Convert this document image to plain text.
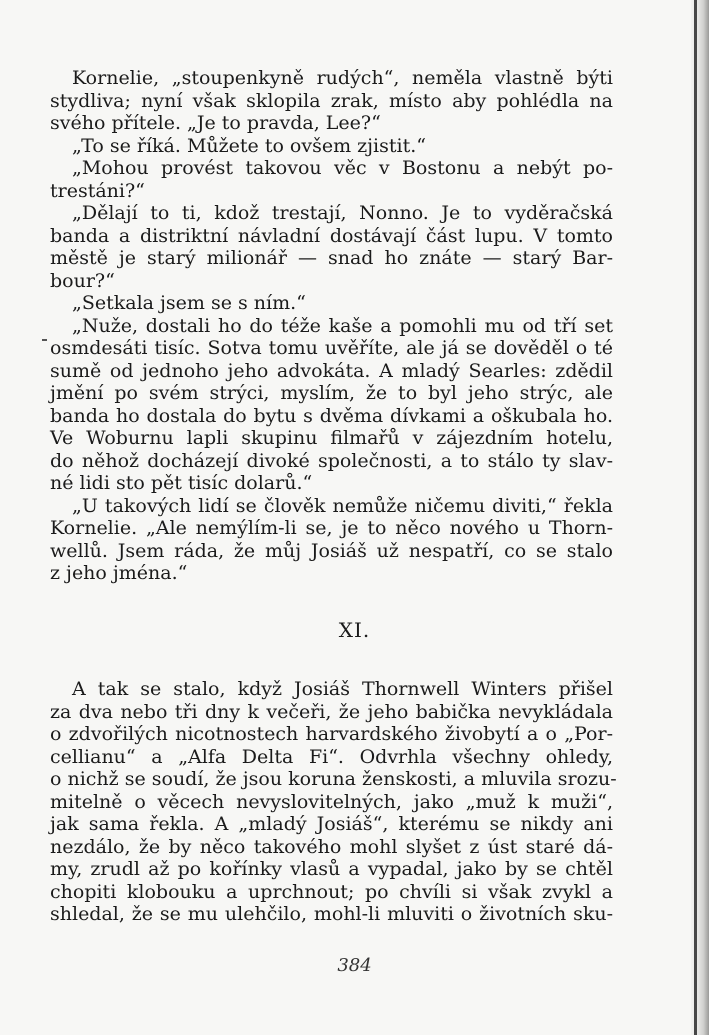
Kornelie, „stoupenkyně rudých“, neměla vlastně býti
stydliva; nyní však sklopila zrak, místo aby pohlédla na
svého přítele. „Je to pravda, Lee?“
„To se říká. Můžete to ovšem zjistit.“
„Mohou provést takovou věc v Bostonu a nebýt po-
trestáni?“
„Dělají to ti, kdož trestají, Nonno. Je to vyděračská
banda a distriktní návladní dostávají část lupu. V tomto
městě je starý milionář — snad ho znáte — starý Bar-
bour?“
„Setkala jsem se s ním.“
„Nuže, dostali ho do téže kaše a pomohli mu od tří set
osmdesáti tisíc. Sotva tomu uvěříte, ale já se dověděl o té
sumě od jednoho jeho advokáta. A mladý Searles: zdědil
jmění po svém strýci, myslím, že to byl jeho strýc, ale
banda ho dostala do bytu s dvěma dívkami a oškubala ho.
Ve Woburnu lapli skupinu filmařů v zájezdním hotelu,
do něhož docházejí divoké společnosti, a to stálo ty slav-
né lidi sto pět tisíc dolarů.“
„U takových lidí se člověk nemůže ničemu diviti,“ řekla
Kornelie. „Ale nemýlím-li se, je to něco nového u Thorn-
wellů. Jsem ráda, že můj Josiáš už nespatří, co se stalo
z jeho jména.“
XI.
A tak se stalo, když Josiáš Thornwell Winters přišel
za dva nebo tři dny k večeři, že jeho babička nevykládala
o zdvořilých nicotnostech harvardského živobytí a o „Por-
cellianu“ a „Alfa Delta Fi“. Odvrhla všechny ohledy,
o nichž se soudí, že jsou koruna ženskosti, a mluvila srozu-
mitelně o věcech nevyslovitelných, jako „muž k muži“,
jak sama řekla. A „mladý Josiáš“, kterému se nikdy ani
nezdálo, že by něco takového mohl slyšet z úst staré dá-
my, zrudl až po kořínky vlasů a vypadal, jako by se chtěl
chopiti klobouku a uprchnout; po chvíli si však zvykl a
shledal, že se mu ulehčilo, mohl-li mluviti o životních sku-
384
